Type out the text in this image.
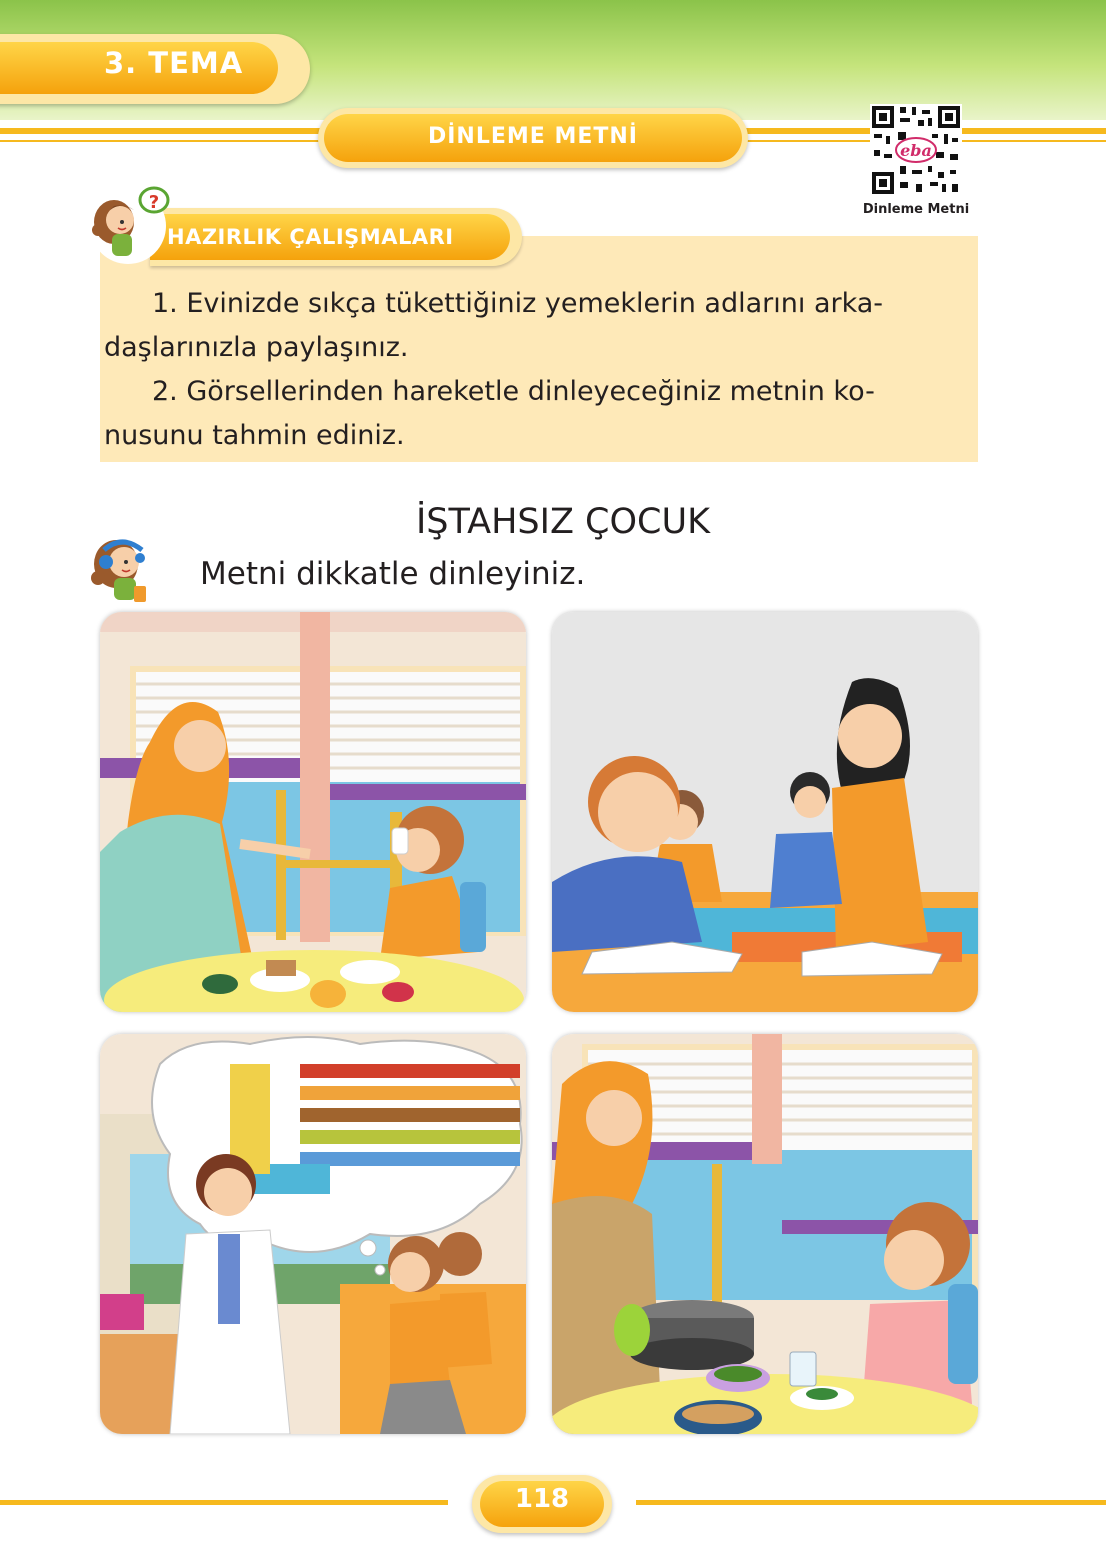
3. TEMA
DİNLEME METNİ
eba
Dinleme Metni
HAZIRLIK ÇALIŞMALARI
?
1. Evinizde sıkça tükettiğiniz yemeklerin adlarını arka-
daşlarınızla paylaşınız.
2. Görsellerinden hareketle dinleyeceğiniz metnin ko-
nusunu tahmin ediniz.
İŞTAHSIZ ÇOCUK
Metni dikkatle dinleyiniz.
118
